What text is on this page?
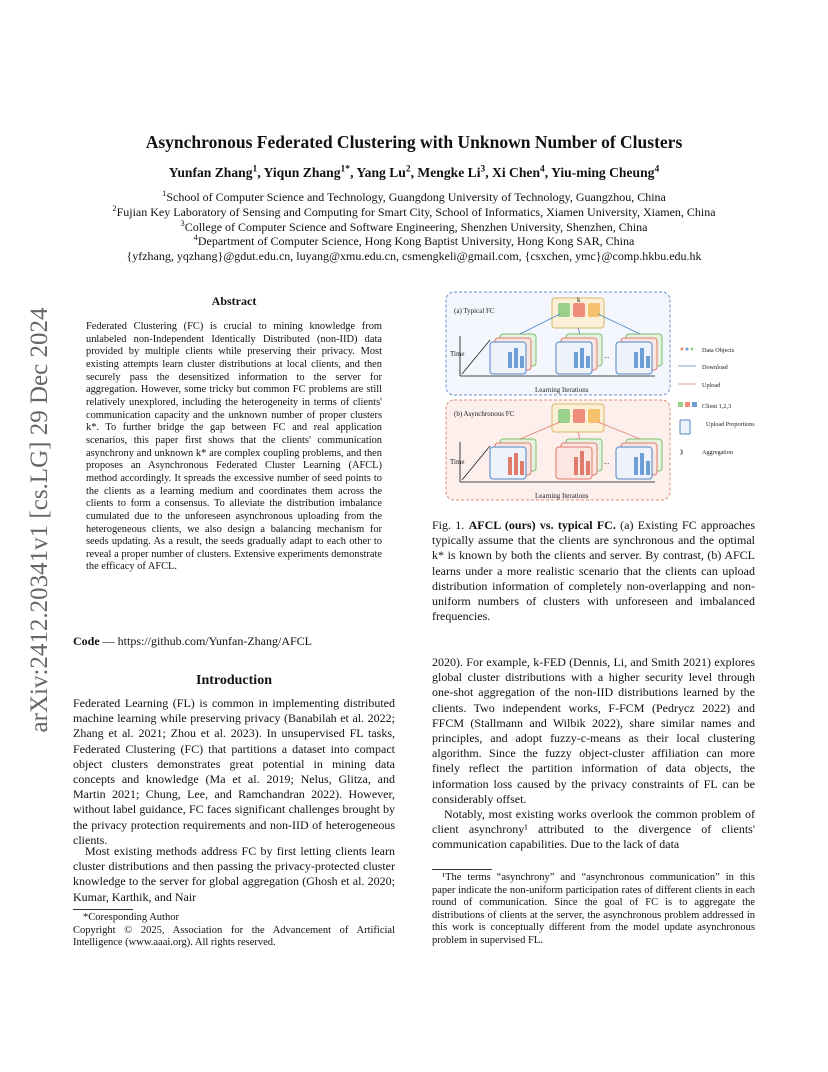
Asynchronous Federated Clustering with Unknown Number of Clusters
Yunfan Zhang$^1$, Yiqun Zhang$^{1*}$, Yang Lu$^2$, Mengke Li$^3$, Xi Chen$^4$, Yiu-ming Cheung$^4$
$^1$School of Computer Science and Technology, Guangdong University of Technology, Guangzhou, China
$^2$Fujian Key Laboratory of Sensing and Computing for Smart City, School of Informatics, Xiamen University, Xiamen, China
$^3$College of Computer Science and Software Engineering, Shenzhen University, Shenzhen, China
$^4$Department of Computer Science, Hong Kong Baptist University, Hong Kong SAR, China
{yfzhang, yqzhang}@gdut.edu.cn, luyang@xmu.edu.cn, csmengkeli@gmail.com, {csxchen, ymc}@comp.hkbu.edu.hk
arXiv:2412.20341v1 [cs.LG] 29 Dec 2024
Abstract
Federated Clustering (FC) is crucial to mining knowledge from unlabeled non-Independent Identically Distributed (non-IID) data provided by multiple clients while preserving their privacy. Most existing attempts learn cluster distributions at local clients, and then securely pass the desensitized information to the server for aggregation. However, some tricky but common FC problems are still relatively unexplored, including the heterogeneity in terms of clients' communication capacity and the unknown number of proper clusters k*. To further bridge the gap between FC and real application scenarios, this paper first shows that the clients' communication asynchrony and unknown k* are complex coupling problems, and then proposes an Asynchronous Federated Cluster Learning (AFCL) method accordingly. It spreads the excessive number of seed points to the clients as a learning medium and coordinates them across the clients to form a consensus. To alleviate the distribution imbalance cumulated due to the unforeseen asynchronous uploading from the heterogeneous clients, we also design a balancing mechanism for seeds updating. As a result, the seeds gradually adapt to each other to reveal a proper number of clusters. Extensive experiments demonstrate the efficacy of AFCL.
Code — https://github.com/Yunfan-Zhang/AFCL
Introduction
Federated Learning (FL) is common in implementing distributed machine learning while preserving privacy (Banabilah et al. 2022; Zhang et al. 2021; Zhou et al. 2023). In unsupervised FL tasks, Federated Clustering (FC) that partitions a dataset into compact object clusters demonstrates great potential in mining data concepts and knowledge (Ma et al. 2019; Nelus, Glitza, and Martin 2021; Chung, Lee, and Ramchandran 2022). However, without label guidance, FC faces significant challenges brought by the privacy protection requirements and non-IID of heterogeneous clients.
Most existing methods address FC by first letting clients learn cluster distributions and then passing the privacy-protected cluster knowledge to the server for global aggregation (Ghosh et al. 2020; Kumar, Karthik, and Nair
*Coresponding Author
Copyright © 2025, Association for the Advancement of Artificial Intelligence (www.aaai.org). All rights reserved.
(a) Typical FC
k
Time
Learning Iterations
...
(b) Asynchronous FC
Time
Learning Iterations
...
Data Objects
Download
Upload
Client 1,2,3
Upload Proportions
⟫	Aggregation
Fig. 1. AFCL (ours) vs. typical FC. (a) Existing FC approaches typically assume that the clients are synchronous and the optimal k* is known by both the clients and server. By contrast, (b) AFCL learns under a more realistic scenario that the clients can upload distribution information of completely non-overlapping and non-uniform numbers of clusters with unforeseen and imbalanced frequencies.
2020). For example, k-FED (Dennis, Li, and Smith 2021) explores global cluster distributions with a higher security level through one-shot aggregation of the non-IID distributions learned by the clients. Two independent works, F-FCM (Pedrycz 2022) and FFCM (Stallmann and Wilbik 2022), share similar names and principles, and adopt fuzzy-c-means as their local clustering algorithm. Since the fuzzy object-cluster affiliation can more finely reflect the partition information of data objects, the information loss caused by the privacy constraints of FL can be considerably offset.
Notably, most existing works overlook the common problem of client asynchrony¹ attributed to the divergence of clients' communication capabilities. Due to the lack of data
¹The terms “asynchrony” and “asynchronous communication” in this paper indicate the non-uniform participation rates of different clients in each round of communication. Since the goal of FC is to aggregate the distributions of clients at the server, the asynchronous problem addressed in this work is conceptually different from the model update asynchronous problem in supervised FL.
